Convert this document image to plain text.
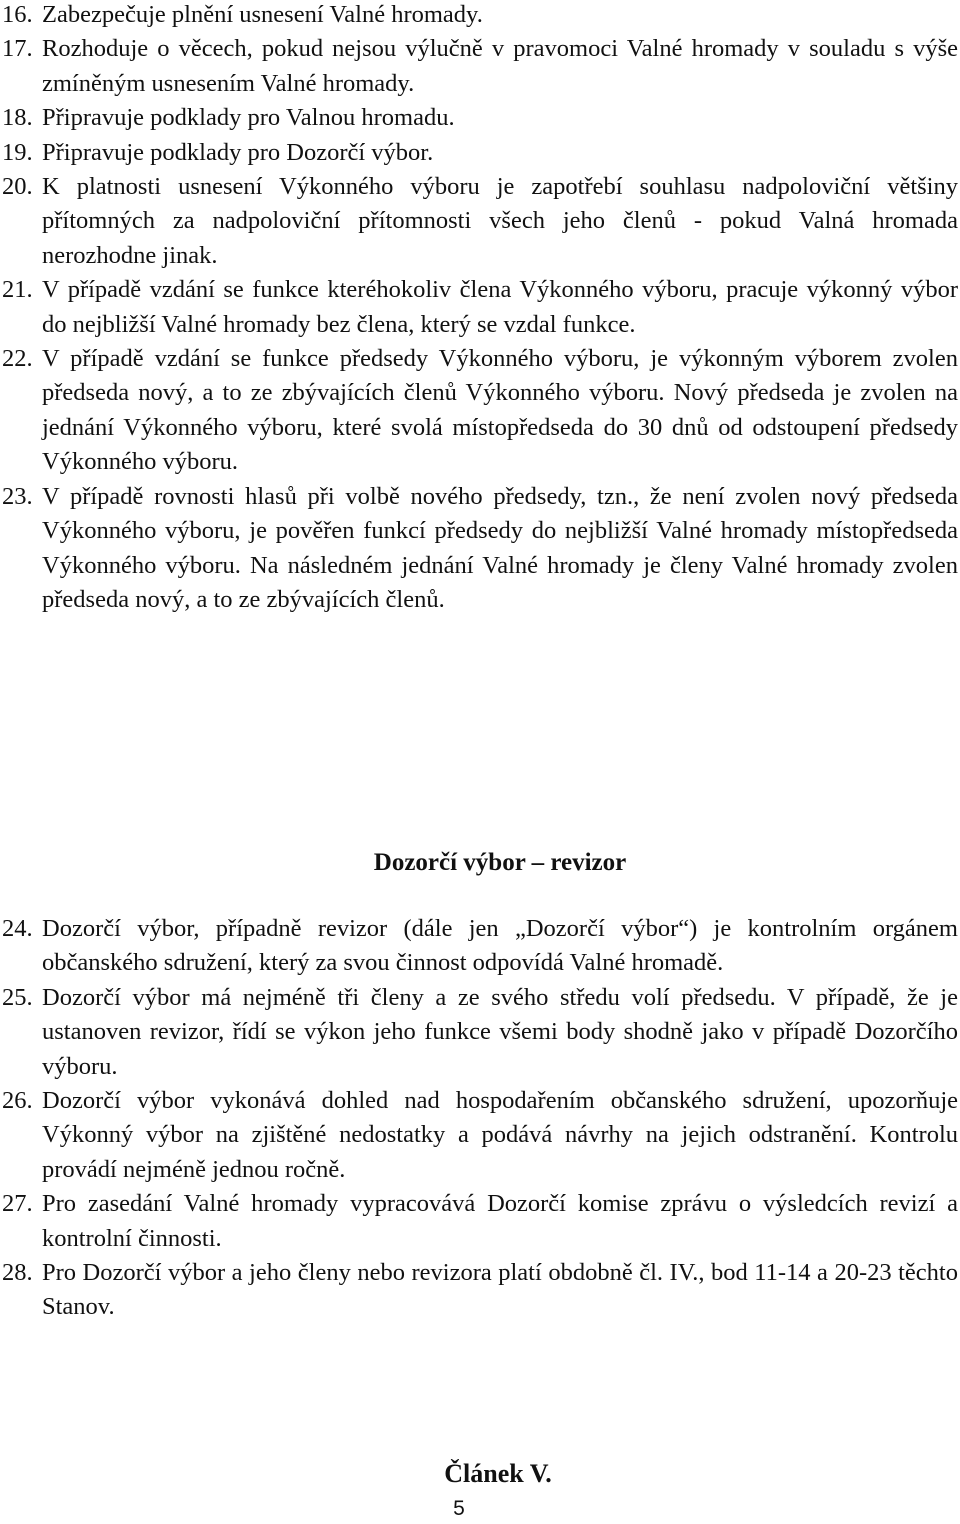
16. Zabezpečuje plnění usnesení Valné hromady.
17. Rozhoduje o věcech, pokud nejsou výlučně v pravomoci Valné hromady v souladu s výše zmíněným usnesením Valné hromady.
18. Připravuje podklady pro Valnou hromadu.
19. Připravuje podklady pro Dozorčí výbor.
20. K platnosti usnesení Výkonného výboru je zapotřebí souhlasu nadpoloviční většiny přítomných za nadpoloviční přítomnosti všech jeho členů - pokud Valná hromada nerozhodne jinak.
21. V případě vzdání se funkce kteréhokoliv člena Výkonného výboru, pracuje výkonný výbor do nejbližší Valné hromady bez člena, který se vzdal funkce.
22. V případě vzdání se funkce předsedy Výkonného výboru, je výkonným výborem zvolen předseda nový, a to ze zbývajících členů Výkonného výboru. Nový předseda je zvolen na jednání Výkonného výboru, které svolá místopředseda do 30 dnů od odstoupení předsedy Výkonného výboru.
23. V případě rovnosti hlasů při volbě nového předsedy, tzn., že není zvolen nový předseda Výkonného výboru, je pověřen funkcí předsedy do nejbližší Valné hromady místopředseda Výkonného výboru. Na následném jednání Valné hromady je členy Valné hromady zvolen předseda nový, a to ze zbývajících členů.
Dozorčí výbor – revizor
24. Dozorčí výbor, případně revizor (dále jen „Dozorčí výbor“) je kontrolním orgánem občanského sdružení, který za svou činnost odpovídá Valné hromadě.
25. Dozorčí výbor má nejméně tři členy a ze svého středu volí předsedu. V případě, že je ustanoven revizor, řídí se výkon jeho funkce všemi body shodně jako v případě Dozorčího výboru.
26. Dozorčí výbor vykonává dohled nad hospodařením občanského sdružení, upozorňuje Výkonný výbor na zjištěné nedostatky a podává návrhy na jejich odstranění. Kontrolu provádí nejméně jednou ročně.
27. Pro zasedání Valné hromady vypracovává Dozorčí komise zprávu o výsledcích revizí a kontrolní činnosti.
28. Pro Dozorčí výbor a jeho členy nebo revizora platí obdobně čl. IV., bod 11-14 a 20-23 těchto Stanov.
Článek V.
5
